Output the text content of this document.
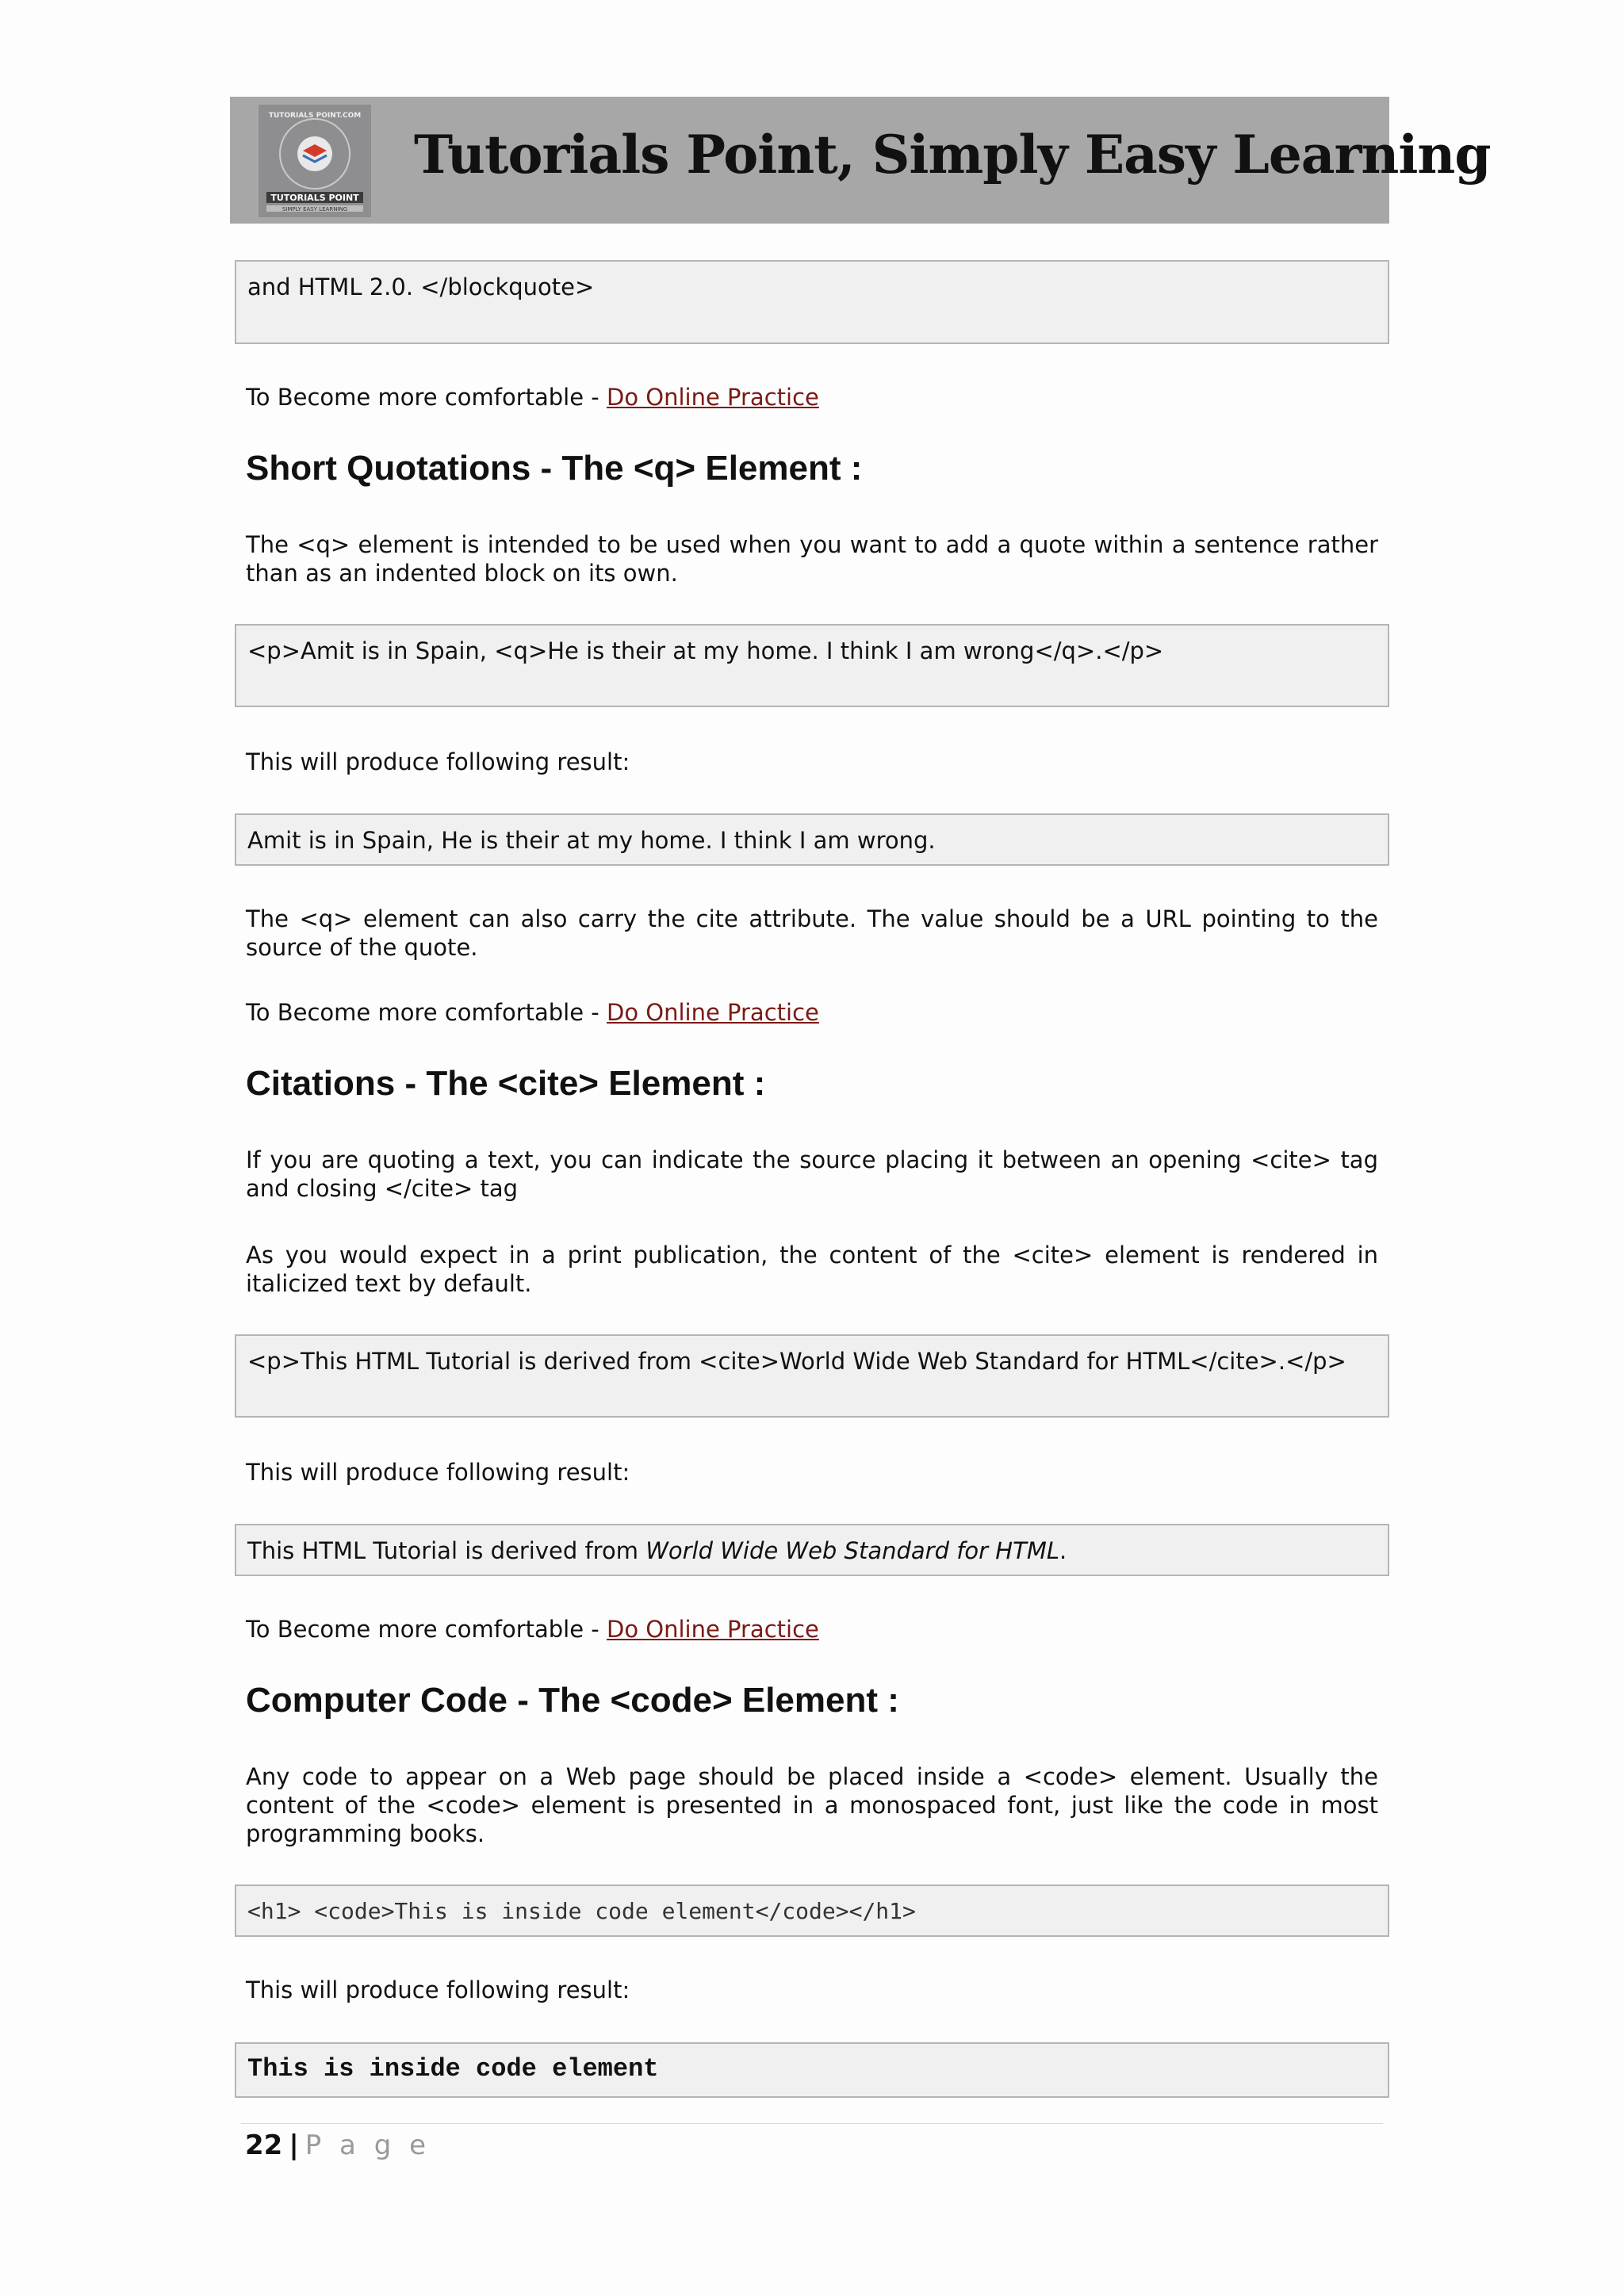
TUTORIALS POINT.COM
TUTORIALS POINT
SIMPLY EASY LEARNING
Tutorials Point, Simply Easy Learning
and HTML 2.0. </blockquote>
To Become more comfortable - Do Online Practice
Short Quotations - The <q> Element :
The <q> element is intended to be used when you want to add a quote within a sentence rather than as an indented block on its own.
<p>Amit is in Spain, <q>He is their at my home. I think I am wrong</q>.</p>
This will produce following result:
Amit is in Spain, He is their at my home. I think I am wrong.
The <q> element can also carry the cite attribute. The value should be a URL pointing to the source of the quote.
To Become more comfortable - Do Online Practice
Citations - The <cite> Element :
If you are quoting a text, you can indicate the source placing it between an opening <cite> tag and closing </cite> tag
As you would expect in a print publication, the content of the <cite> element is rendered in italicized text by default.
<p>This HTML Tutorial is derived from <cite>World Wide Web Standard for HTML</cite>.</p>
This will produce following result:
This HTML Tutorial is derived from World Wide Web Standard for HTML.
To Become more comfortable - Do Online Practice
Computer Code - The <code> Element :
Any code to appear on a Web page should be placed inside a <code> element. Usually the content of the <code> element is presented in a monospaced font, just like the code in most programming books.
<h1> <code>This is inside code element</code></h1>
This will produce following result:
This is inside code element
22 | P a g e
